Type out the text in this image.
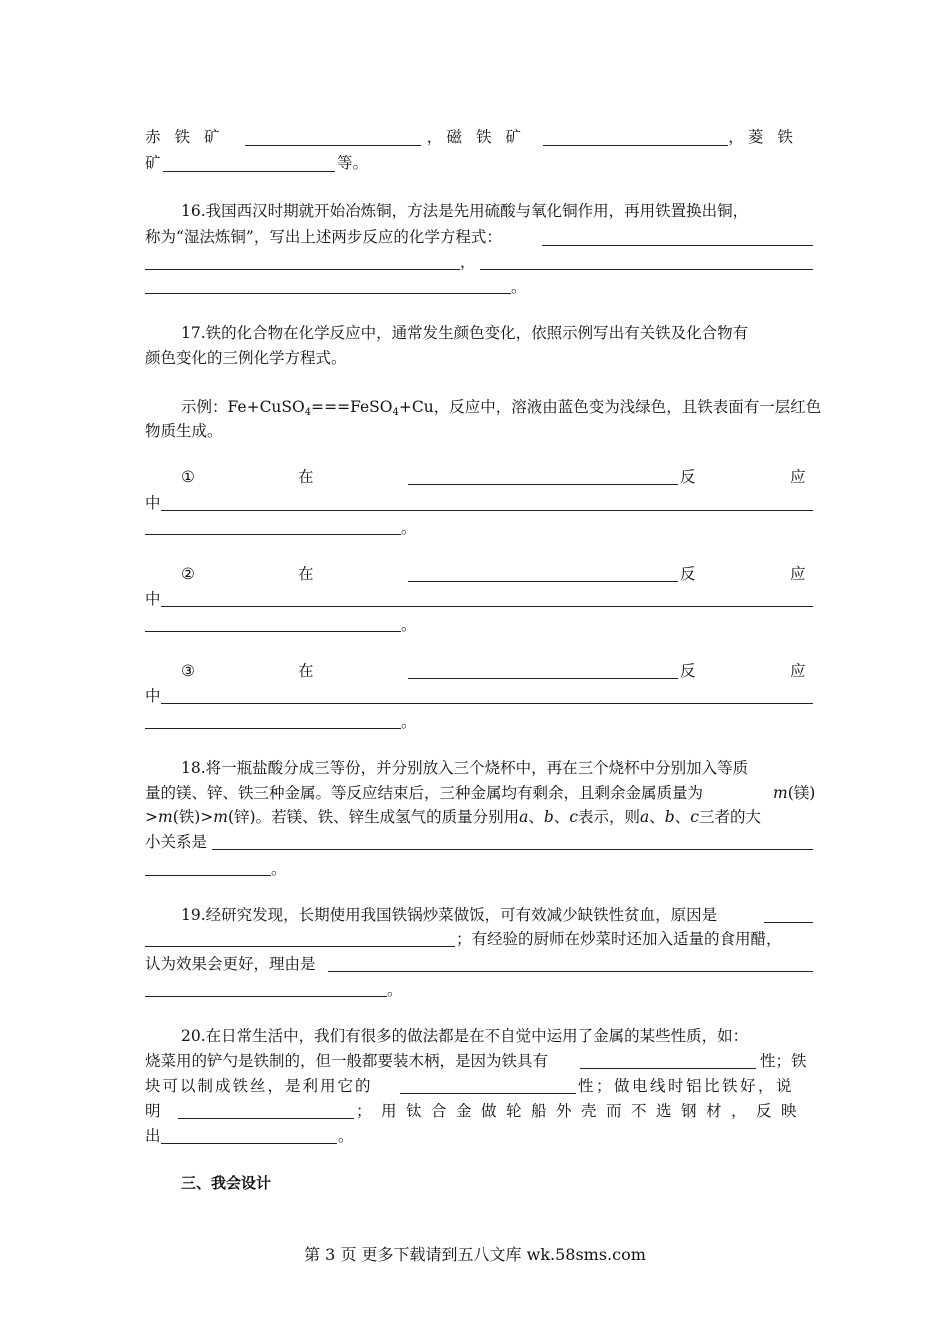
赤铁矿	， 磁铁矿	， 菱铁
矿	等。
16.我国西汉时期就开始冶炼铜，方法是先用硫酸与氧化铜作用，再用铁置换出铜，
称为“湿法炼铜”，写出上述两步反应的化学方程式：
，
。
17.铁的化合物在化学反应中，通常发生颜色变化，依照示例写出有关铁及化合物有
颜色变化的三例化学方程式。
示例：Fe+CuSO$_4$===FeSO$_4$+Cu，反应中，溶液由蓝色变为浅绿色，且铁表面有一层红色
物质生成。
①	在	反	应
中
。
②	在	反	应
中
。
③	在	反	应
中
。
18.将一瓶盐酸分成三等份，并分别放入三个烧杯中，再在三个烧杯中分别加入等质
量的镁、锌、铁三种金属。等反应结束后，三种金属均有剩余，且剩余金属质量为	m(镁)
>m(铁)>m(锌)。若镁、铁、锌生成氢气的质量分别用a、b、c表示，则a、b、c三者的大
小关系是
。
19.经研究发现，长期使用我国铁锅炒菜做饭，可有效减少缺铁性贫血，原因是
；有经验的厨师在炒菜时还加入适量的食用醋，
认为效果会更好，理由是
。
20.在日常生活中，我们有很多的做法都是在不自觉中运用了金属的某些性质，如：
烧菜用的铲勺是铁制的，但一般都要装木柄，是因为铁具有	性；铁
块可以制成铁丝，是利用它的	性；做电线时铝比铁好，说
明	；用钛合金做轮船外壳而不选钢材，反映
出	。
三、我会设计
第 3 页 更多下载请到五八文库 wk.58sms.com
